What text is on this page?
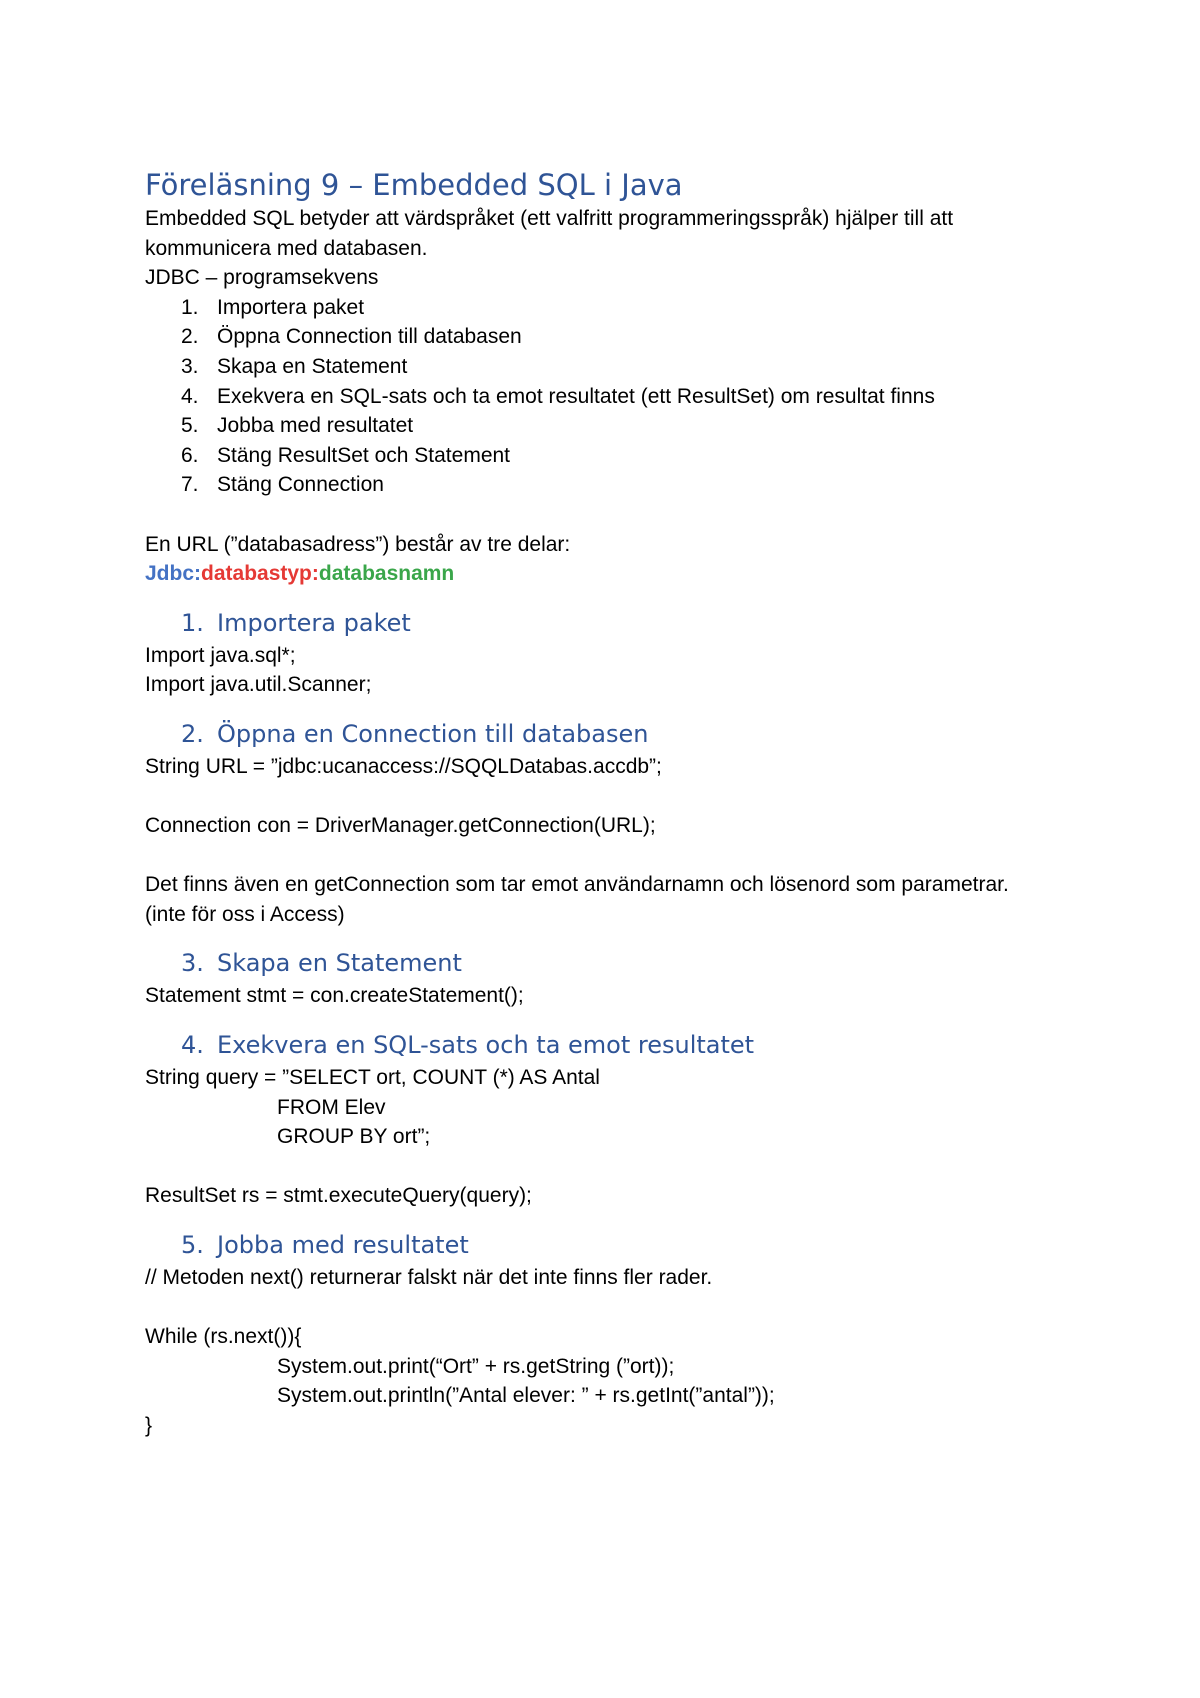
Föreläsning 9 – Embedded SQL i Java

Embedded SQL betyder att värdspråket (ett valfritt programmeringsspråk) hjälper till att

kommunicera med databasen.

JDBC – programsekvens

1. Importera paket
2. Öppna Connection till databasen
3. Skapa en Statement
4. Exekvera en SQL-sats och ta emot resultatet (ett ResultSet) om resultat finns
5. Jobba med resultatet
6. Stäng ResultSet och Statement
7. Stäng Connection

En URL (”databasadress”) består av tre delar:

Jdbc:databastyp:databasnamn

1. Importera paket

Import java.sql*;

Import java.util.Scanner;

2. Öppna en Connection till databasen

String URL = ”jdbc:ucanaccess://SQQLDatabas.accdb”;

Connection con = DriverManager.getConnection(URL);

Det finns även en getConnection som tar emot användarnamn och lösenord som parametrar.

(inte för oss i Access)

3. Skapa en Statement

Statement stmt = con.createStatement();

4. Exekvera en SQL-sats och ta emot resultatet

String query = ”SELECT ort, COUNT (*) AS Antal

FROM Elev

GROUP BY ort”;

ResultSet rs = stmt.executeQuery(query);

5. Jobba med resultatet

// Metoden next() returnerar falskt när det inte finns fler rader.

While (rs.next()){

System.out.print(“Ort” + rs.getString (”ort));

System.out.println(”Antal elever: ” + rs.getInt(”antal”));

}
